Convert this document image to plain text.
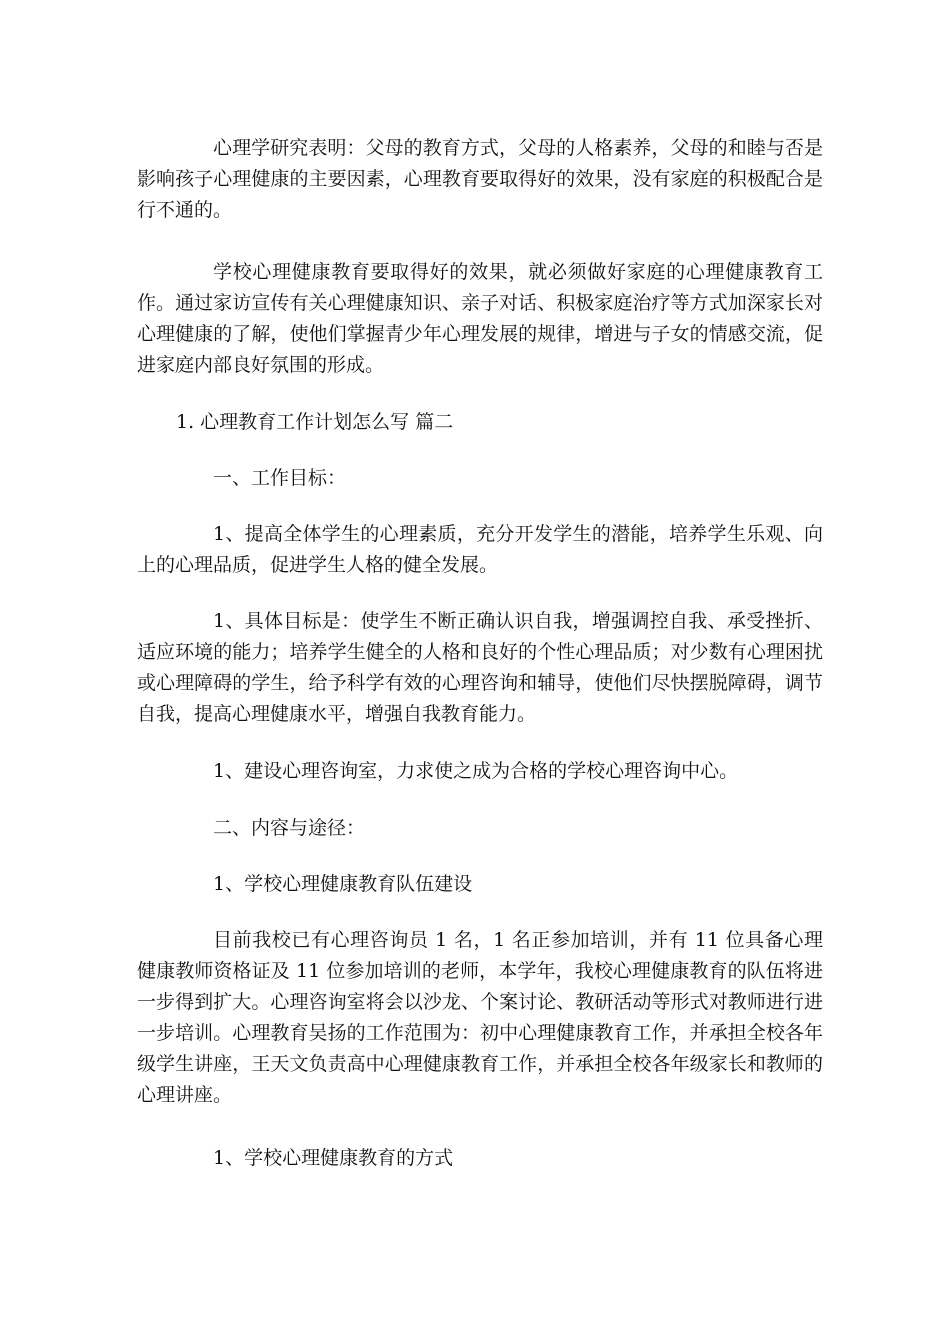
心理学研究表明：父母的教育方式，父母的人格素养，父母的和睦与否是影响孩子心理健康的主要因素，心理教育要取得好的效果，没有家庭的积极配合是行不通的。

学校心理健康教育要取得好的效果，就必须做好家庭的心理健康教育工作。通过家访宣传有关心理健康知识、亲子对话、积极家庭治疗等方式加深家长对心理健康的了解，使他们掌握青少年心理发展的规律，增进与子女的情感交流，促进家庭内部良好氛围的形成。

1. 心理教育工作计划怎么写 篇二

一、工作目标：

1、提高全体学生的心理素质，充分开发学生的潜能，培养学生乐观、向上的心理品质，促进学生人格的健全发展。

1、具体目标是：使学生不断正确认识自我，增强调控自我、承受挫折、适应环境的能力；培养学生健全的人格和良好的个性心理品质；对少数有心理困扰或心理障碍的学生，给予科学有效的心理咨询和辅导，使他们尽快摆脱障碍，调节自我，提高心理健康水平，增强自我教育能力。

1、建设心理咨询室，力求使之成为合格的学校心理咨询中心。

二、内容与途径：

1、学校心理健康教育队伍建设

目前我校已有心理咨询员 1 名，1 名正参加培训，并有 11 位具备心理健康教师资格证及 11 位参加培训的老师，本学年，我校心理健康教育的队伍将进一步得到扩大。心理咨询室将会以沙龙、个案讨论、教研活动等形式对教师进行进一步培训。心理教育吴扬的工作范围为：初中心理健康教育工作，并承担全校各年级学生讲座，王天文负责高中心理健康教育工作，并承担全校各年级家长和教师的心理讲座。

1、学校心理健康教育的方式
